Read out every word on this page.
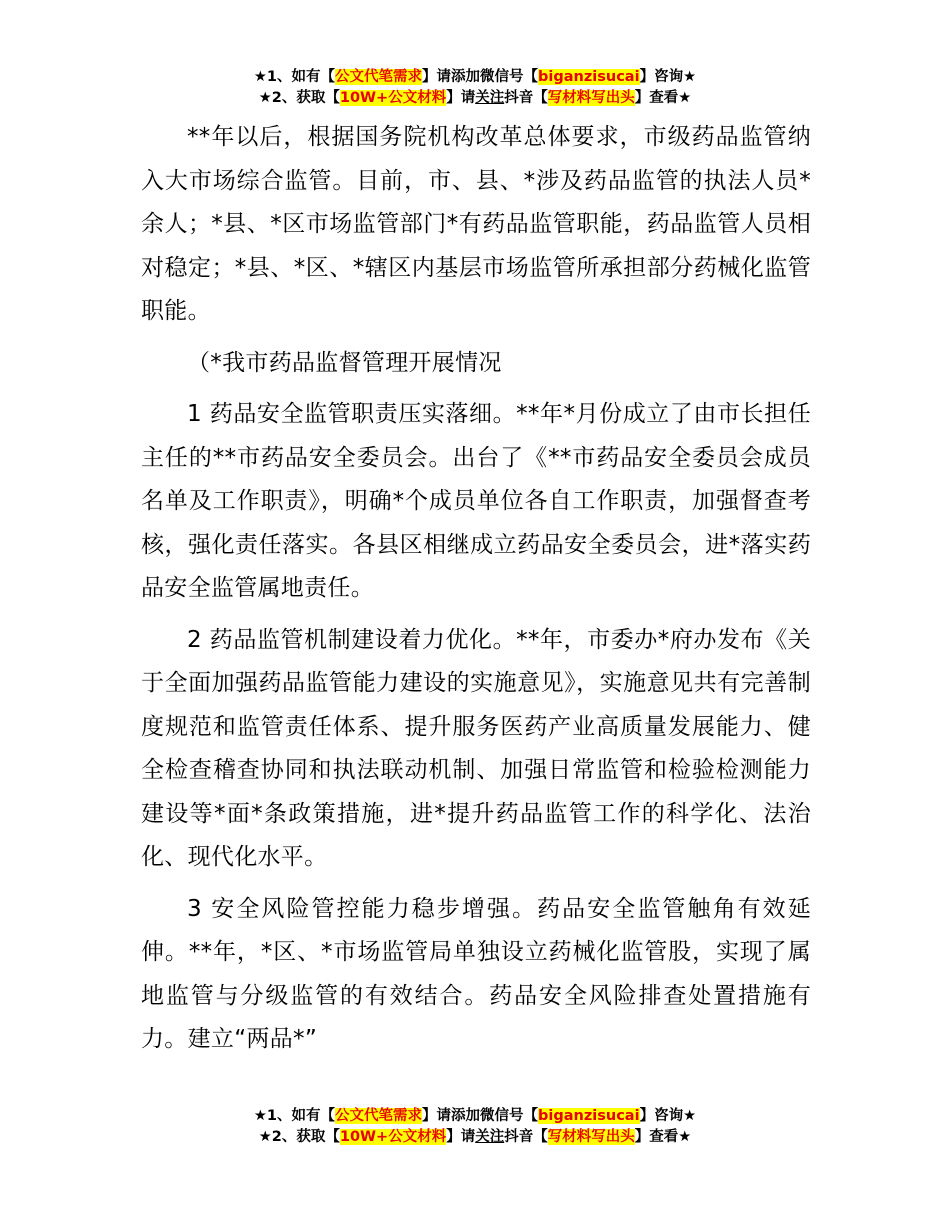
★1、如有【公文代笔需求】请添加微信号【biganzisucai】咨询★
★2、获取【10W+公文材料】请关注抖音【写材料写出头】查看★

**年以后，根据国务院机构改革总体要求，市级药品监管纳入大市场综合监管。目前，市、县、*涉及药品监管的执法人员*余人；*县、*区市场监管部门*有药品监管职能，药品监管人员相对稳定；*县、*区、*辖区内基层市场监管所承担部分药械化监管职能。

（*我市药品监督管理开展情况

1 药品安全监管职责压实落细。**年*月份成立了由市长担任主任的**市药品安全委员会。出台了《**市药品安全委员会成员名单及工作职责》，明确*个成员单位各自工作职责，加强督查考核，强化责任落实。各县区相继成立药品安全委员会，进*落实药品安全监管属地责任。

2 药品监管机制建设着力优化。**年，市委办*府办发布《关于全面加强药品监管能力建设的实施意见》，实施意见共有完善制度规范和监管责任体系、提升服务医药产业高质量发展能力、健全检查稽查协同和执法联动机制、加强日常监管和检验检测能力建设等*面*条政策措施，进*提升药品监管工作的科学化、法治化、现代化水平。

3 安全风险管控能力稳步增强。药品安全监管触角有效延伸。**年，*区、*市场监管局单独设立药械化监管股，实现了属地监管与分级监管的有效结合。药品安全风险排查处置措施有力。建立“两品*”

★1、如有【公文代笔需求】请添加微信号【biganzisucai】咨询★
★2、获取【10W+公文材料】请关注抖音【写材料写出头】查看★
